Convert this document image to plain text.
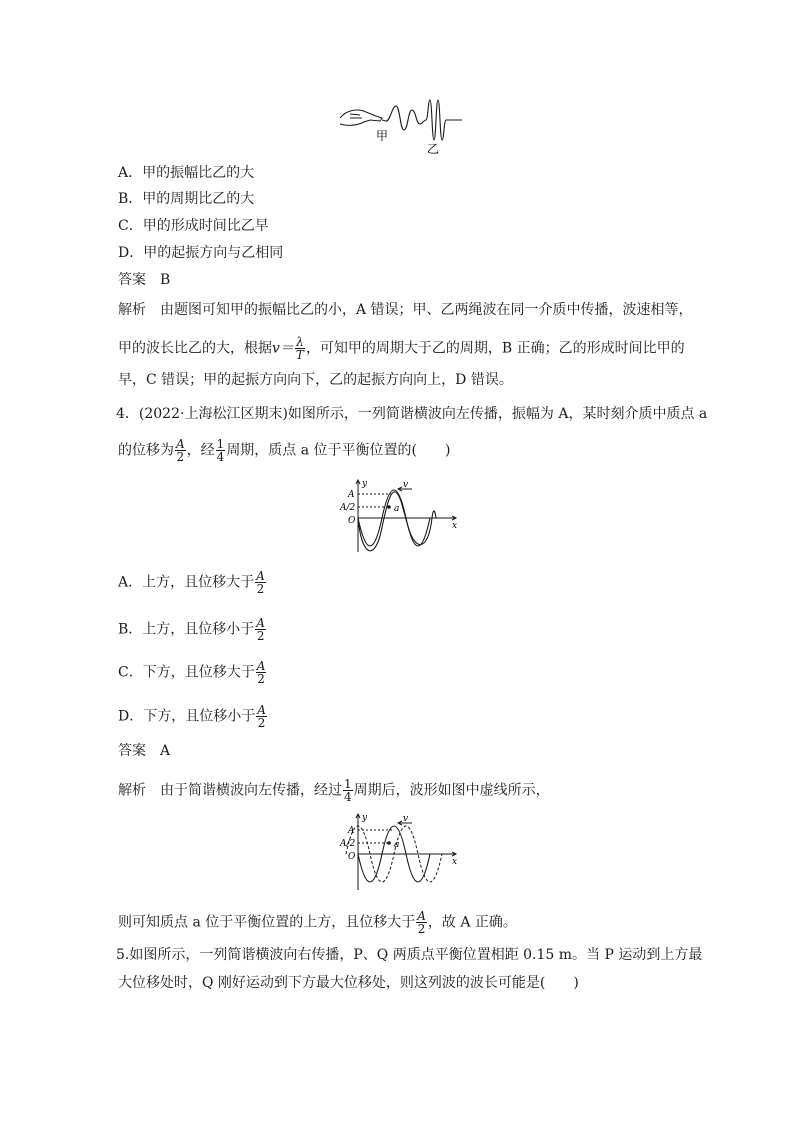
甲
乙
A．甲的振幅比乙的大
B．甲的周期比乙的大
C．甲的形成时间比乙早
D．甲的起振方向与乙相同
答案　 B
解析　 由题图可知甲的振幅比乙的小，A 错误；甲、乙两绳波在同一介质中传播，波速相等，
甲的波长比乙的大，根据$v= \frac{\lambda}{T}$ ，可知甲的周期大于乙的周期，B 正确；乙的形成时间比甲的
早，C 错误；甲的起振方向向下，乙的起振方向向上，D 错误。
4．(2022·上海松江区期末)如图所示，一列简谐横波向左传播，振幅为 A，某时刻介质中质点 a
的位移为 $\frac{A}{2}$ ，经 $\frac{1}{4}$ 周期，质点 a 位于平衡位置的(　　)
v
y
x
A
A/2
O
a
A．上方，且位移大于 $\frac{A}{2}$
B．上方，且位移小于 $\frac{A}{2}$
C．下方，且位移大于 $\frac{A}{2}$
D．下方，且位移小于 $\frac{A}{2}$
答案　 A
解析　 由于简谐横波向左传播，经过 $\frac{1}{4}$ 周期后，波形如图中虚线所示，
v
y
x
A
A/2
O
a
则可知质点 a 位于平衡位置的上方，且位移大于 $\frac{A}{2}$ ，故 A 正确。
5.如图所示，一列简谐横波向右传播，P、Q 两质点平衡位置相距 0.15 m。当 P 运动到上方最
大位移处时，Q 刚好运动到下方最大位移处，则这列波的波长可能是(　　)
